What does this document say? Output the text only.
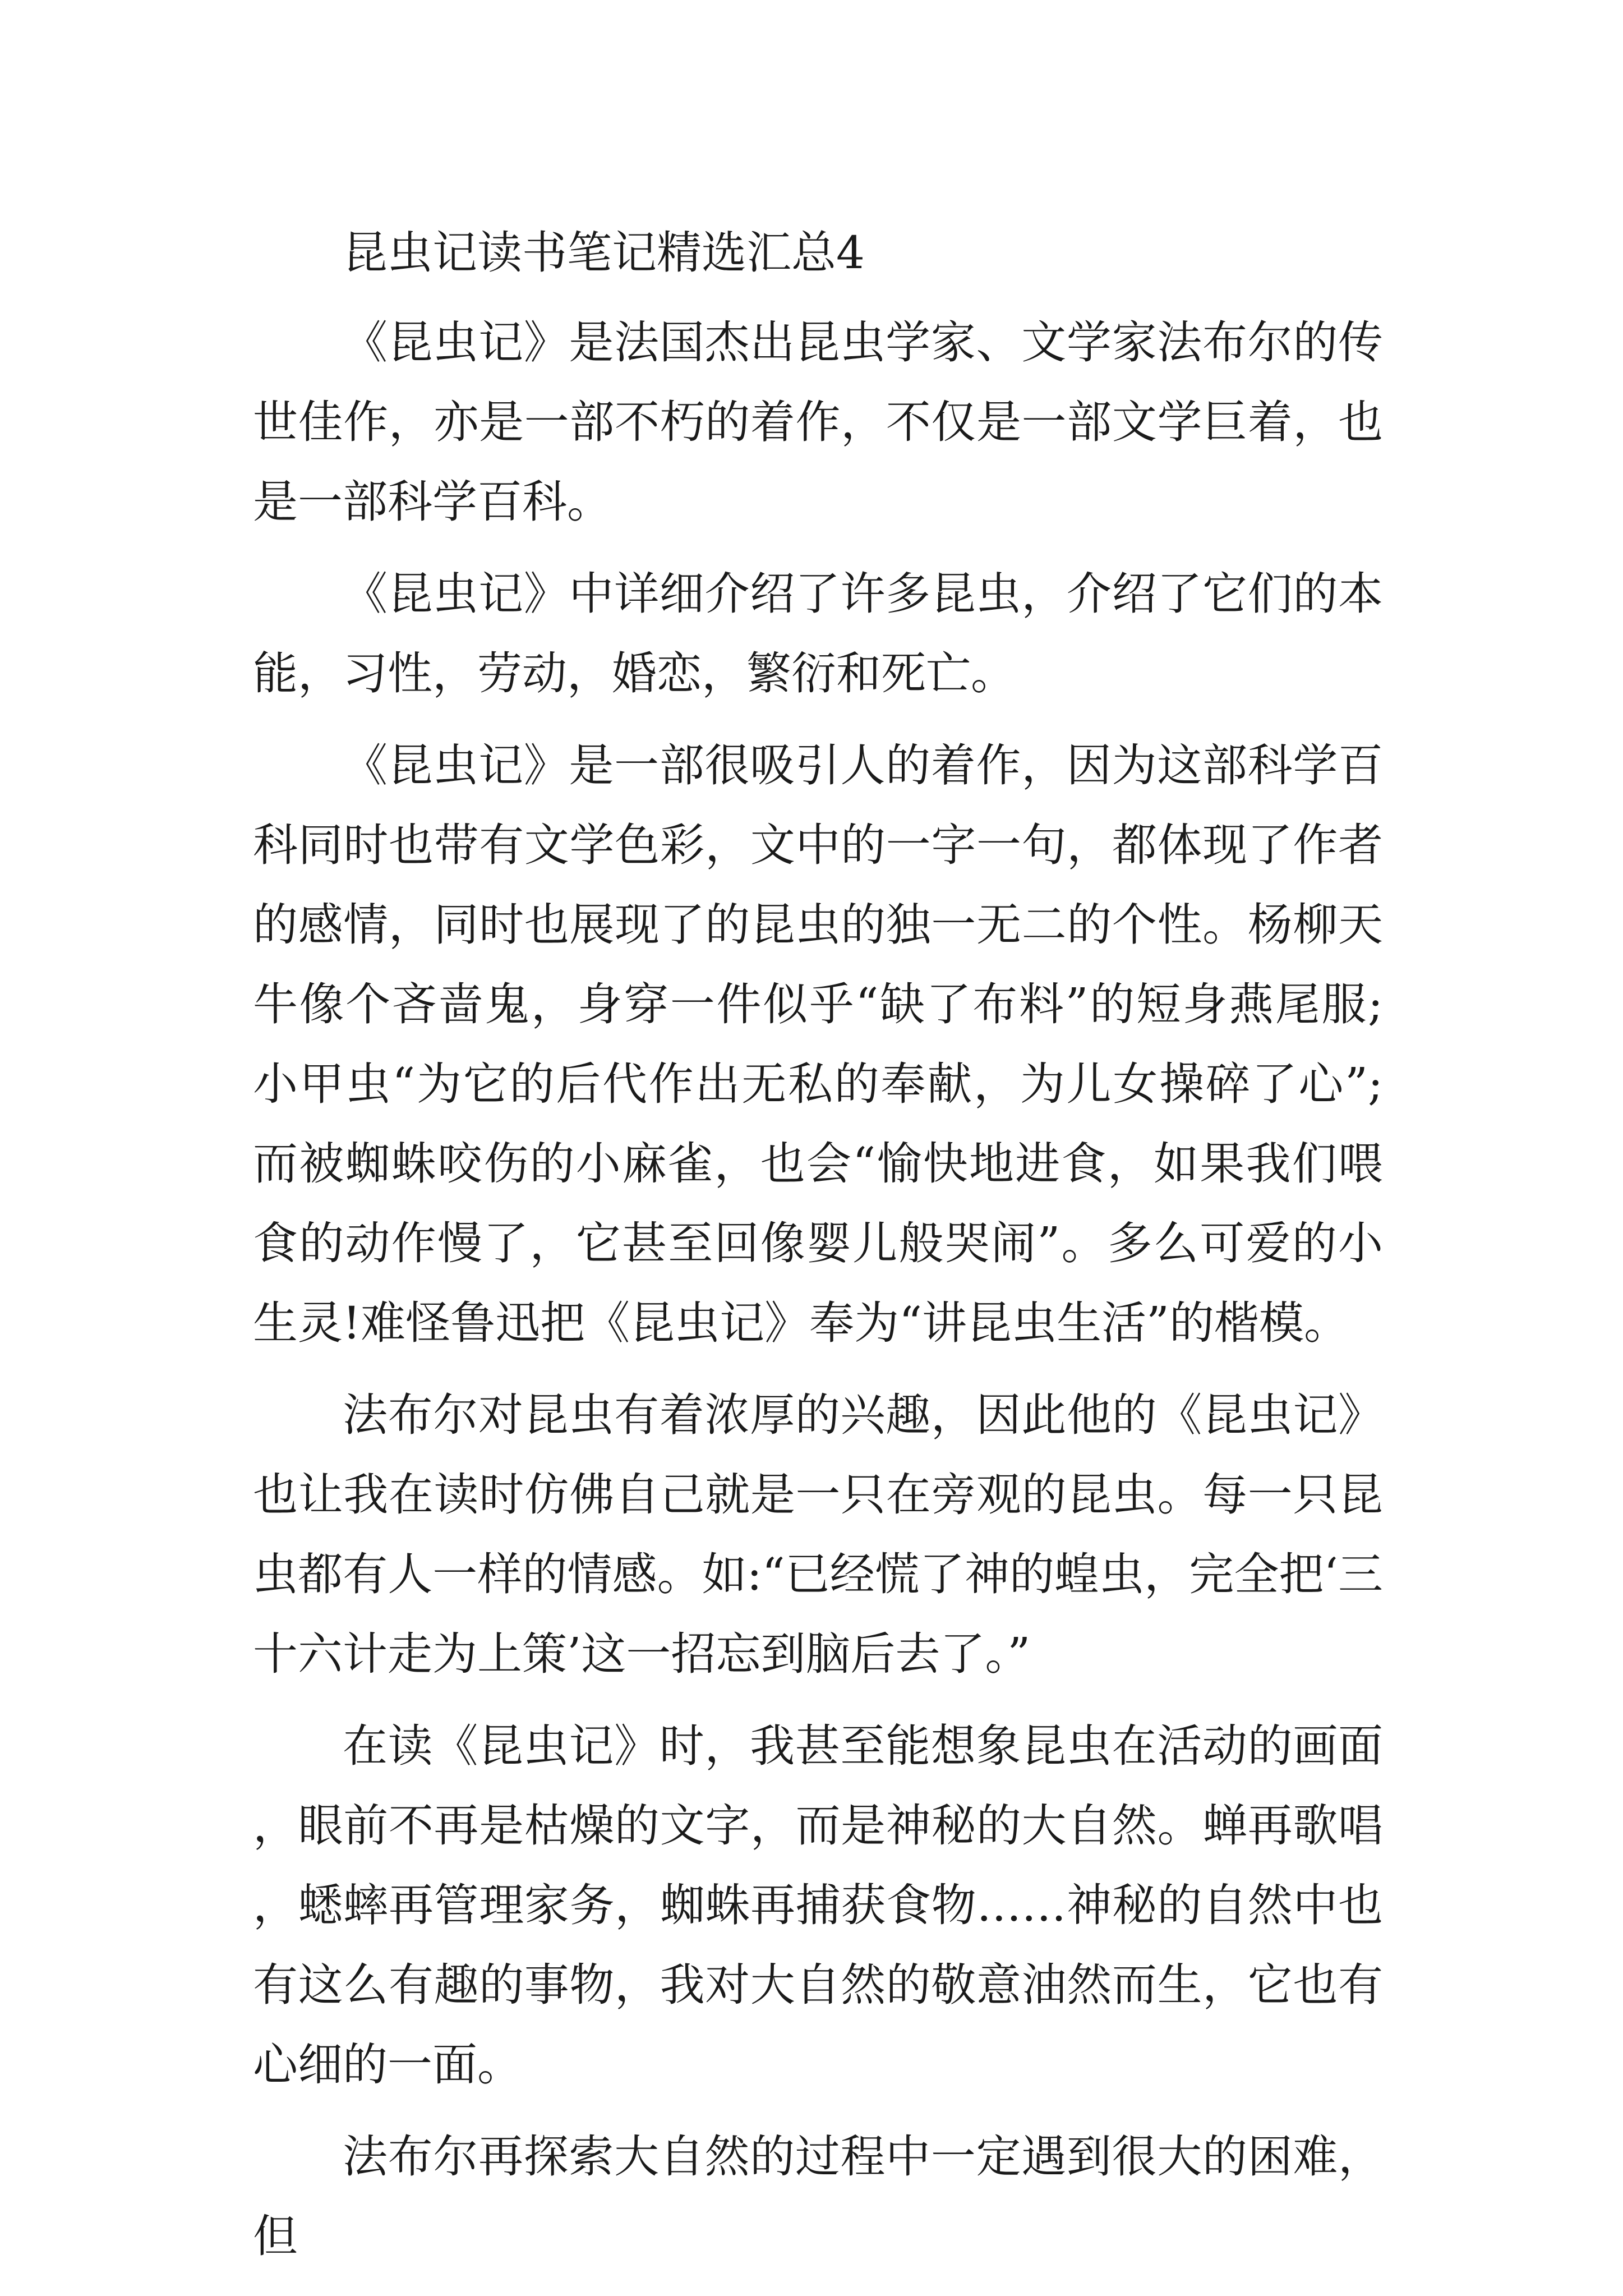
昆虫记读书笔记精选汇总4

《昆虫记》是法国杰出昆虫学家、文学家法布尔的传世佳作，亦是一部不朽的着作，不仅是一部文学巨着，也是一部科学百科。

《昆虫记》中详细介绍了许多昆虫，介绍了它们的本能，习性，劳动，婚恋，繁衍和死亡。

《昆虫记》是一部很吸引人的着作，因为这部科学百科同时也带有文学色彩，文中的一字一句，都体现了作者的感情，同时也展现了的昆虫的独一无二的个性。杨柳天牛像个吝啬鬼，身穿一件似乎“缺了布料”的短身燕尾服;小甲虫“为它的后代作出无私的奉献，为儿女操碎了心”;而被蜘蛛咬伤的小麻雀，也会“愉快地进食，如果我们喂食的动作慢了，它甚至回像婴儿般哭闹”。多么可爱的小生灵!难怪鲁迅把《昆虫记》奉为“讲昆虫生活”的楷模。

法布尔对昆虫有着浓厚的兴趣，因此他的《昆虫记》也让我在读时仿佛自己就是一只在旁观的昆虫。每一只昆虫都有人一样的情感。如:“已经慌了神的蝗虫，完全把‘三十六计走为上策’这一招忘到脑后去了。”

在读《昆虫记》时，我甚至能想象昆虫在活动的画面，眼前不再是枯燥的文字，而是神秘的大自然。蝉再歌唱，蟋蟀再管理家务，蜘蛛再捕获食物……神秘的自然中也有这么有趣的事物，我对大自然的敬意油然而生，它也有心细的一面。

法布尔再探索大自然的过程中一定遇到很大的困难，但
